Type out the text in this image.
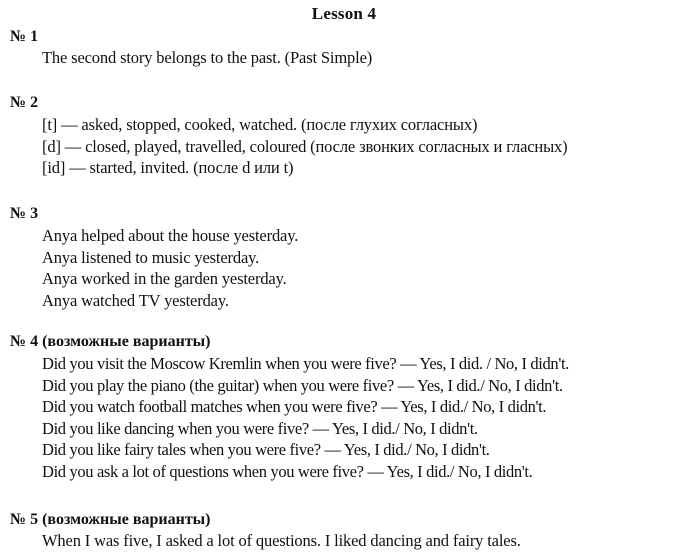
Lesson 4
№ 1
The second story belongs to the past. (Past Simple)
№ 2
[t] — asked, stopped, cooked, watched. (после глухих согласных)
[d] — closed, played, travelled, coloured (после звонких согласных и гласных)
[id] — started, invited. (после d или t)
№ 3
Anya helped about the house yesterday.
Anya listened to music yesterday.
Anya worked in the garden yesterday.
Anya watched TV yesterday.
№ 4 (возможные варианты)
Did you visit the Moscow Kremlin when you were five? — Yes, I did. / No, I didn't.
Did you play the piano (the guitar) when you were five? — Yes, I did./ No, I didn't.
Did you watch football matches when you were five? — Yes, I did./ No, I didn't.
Did you like dancing when you were five? — Yes, I did./ No, I didn't.
Did you like fairy tales when you were five? — Yes, I did./ No, I didn't.
Did you ask a lot of questions when you were five? — Yes, I did./ No, I didn't.
№ 5 (возможные варианты)
When I was five, I asked a lot of questions. I liked dancing and fairy tales.
